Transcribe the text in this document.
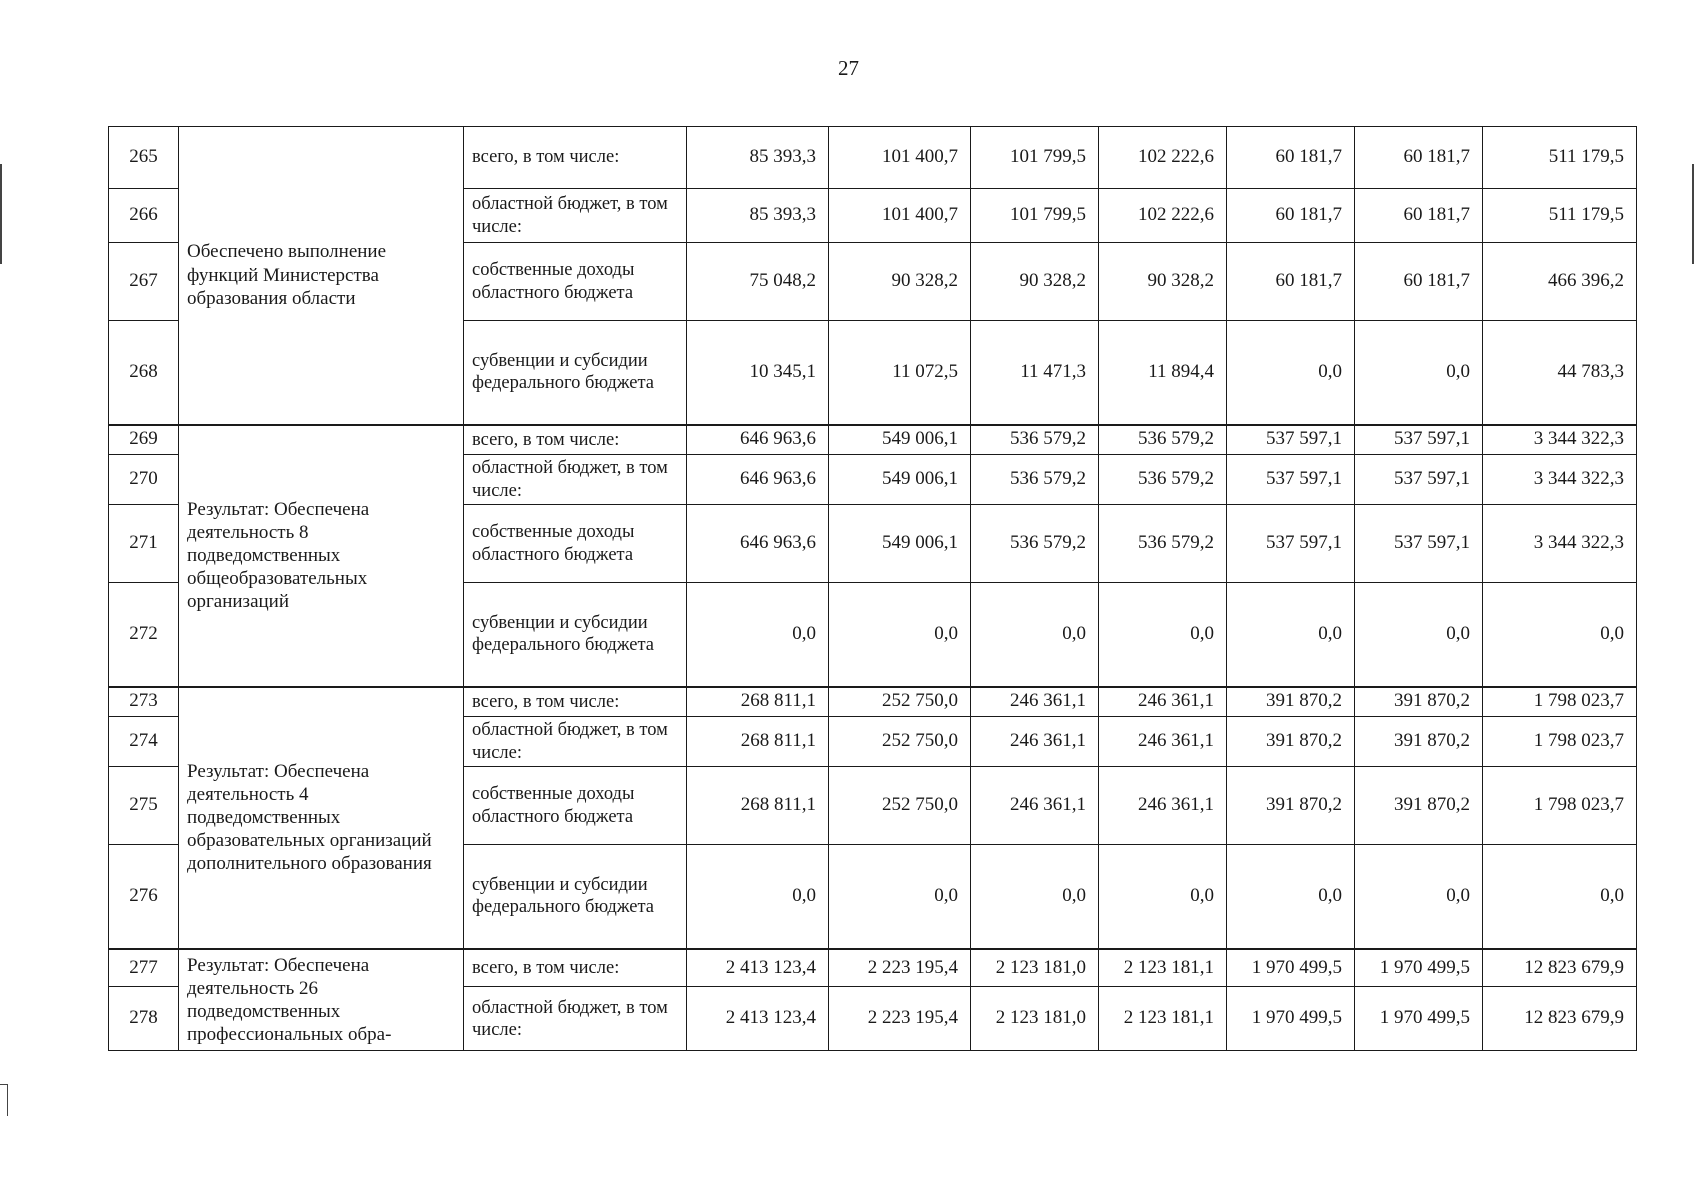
27
265	Обеспечено выполнение функций Министерства образования области	всего, в том числе:	85 393,3	101 400,7	101 799,5	102 222,6	60 181,7	60 181,7	511 179,5
266		областной бюджет, в том числе:	85 393,3	101 400,7	101 799,5	102 222,6	60 181,7	60 181,7	511 179,5
267		собственные доходы областного бюджета	75 048,2	90 328,2	90 328,2	90 328,2	60 181,7	60 181,7	466 396,2
268		субвенции и субсидии федерального бюджета	10 345,1	11 072,5	11 471,3	11 894,4	0,0	0,0	44 783,3
269	Результат: Обеспечена деятельность 8 подведомственных общеобразовательных организаций	всего, в том числе:	646 963,6	549 006,1	536 579,2	536 579,2	537 597,1	537 597,1	3 344 322,3
270		областной бюджет, в том числе:	646 963,6	549 006,1	536 579,2	536 579,2	537 597,1	537 597,1	3 344 322,3
271		собственные доходы областного бюджета	646 963,6	549 006,1	536 579,2	536 579,2	537 597,1	537 597,1	3 344 322,3
272		субвенции и субсидии федерального бюджета	0,0	0,0	0,0	0,0	0,0	0,0	0,0
273	Результат: Обеспечена деятельность 4 подведомственных образовательных организаций дополнительного образования	всего, в том числе:	268 811,1	252 750,0	246 361,1	246 361,1	391 870,2	391 870,2	1 798 023,7
274		областной бюджет, в том числе:	268 811,1	252 750,0	246 361,1	246 361,1	391 870,2	391 870,2	1 798 023,7
275		собственные доходы областного бюджета	268 811,1	252 750,0	246 361,1	246 361,1	391 870,2	391 870,2	1 798 023,7
276		субвенции и субсидии федерального бюджета	0,0	0,0	0,0	0,0	0,0	0,0	0,0
277	Результат: Обеспечена деятельность 26 подведомственных профессиональных обра-	всего, в том числе:	2 413 123,4	2 223 195,4	2 123 181,0	2 123 181,1	1 970 499,5	1 970 499,5	12 823 679,9
278		областной бюджет, в том числе:	2 413 123,4	2 223 195,4	2 123 181,0	2 123 181,1	1 970 499,5	1 970 499,5	12 823 679,9
